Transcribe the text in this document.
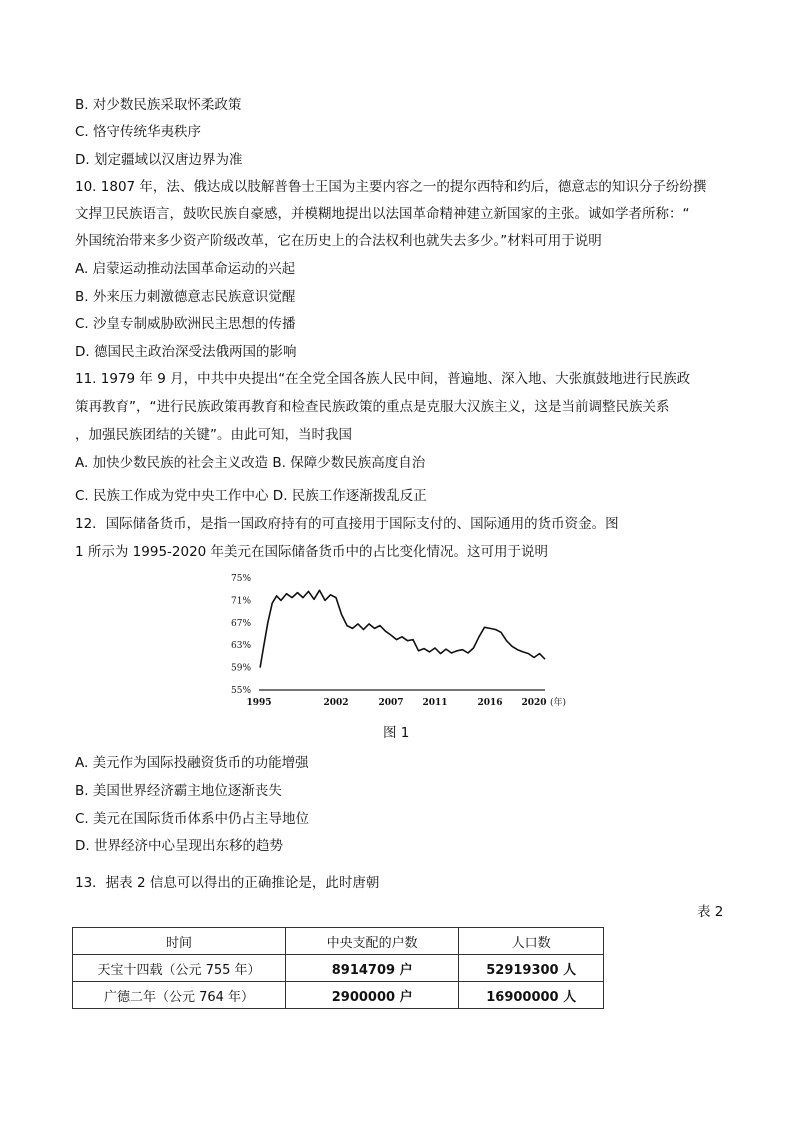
B. 对少数民族采取怀柔政策
C. 恪守传统华夷秩序
D. 划定疆域以汉唐边界为准
10. 1807 年，法、俄达成以肢解普鲁士王国为主要内容之一的提尔西特和约后，德意志的知识分子纷纷撰
文捍卫民族语言，鼓吹民族自豪感，并模糊地提出以法国革命精神建立新国家的主张。诚如学者所称：“
外国统治带来多少资产阶级改革，它在历史上的合法权利也就失去多少。”材料可用于说明
A. 启蒙运动推动法国革命运动的兴起
B. 外来压力刺激德意志民族意识觉醒
C. 沙皇专制威胁欧洲民主思想的传播
D. 德国民主政治深受法俄两国的影响
11. 1979 年 9 月，中共中央提出“在全党全国各族人民中间，普遍地、深入地、大张旗鼓地进行民族政
策再教育”，“进行民族政策再教育和检查民族政策的重点是克服大汉族主义，这是当前调整民族关系
，加强民族团结的关键”。由此可知，当时我国
A. 加快少数民族的社会主义改造 B. 保障少数民族高度自治
C. 民族工作成为党中央工作中心 D. 民族工作逐渐拨乱反正
12．国际储备货币，是指一国政府持有的可直接用于国际支付的、国际通用的货币资金。图
1 所示为 1995-2020 年美元在国际储备货币中的占比变化情况。这可用于说明
55%
59%
63%
67%
71%
75%
1995	2002	2007 2011	2016 2020 (年)
图 1
A. 美元作为国际投融资货币的功能增强
B. 美国世界经济霸主地位逐渐丧失
C. 美元在国际货币体系中仍占主导地位
D. 世界经济中心呈现出东移的趋势
13．据表 2 信息可以得出的正确推论是，此时唐朝
表 2
时间	中央支配的户数	人口数
天宝十四载（公元 755 年）	8914709 户	52919300 人
广德二年（公元 764 年）	2900000 户	16900000 人
